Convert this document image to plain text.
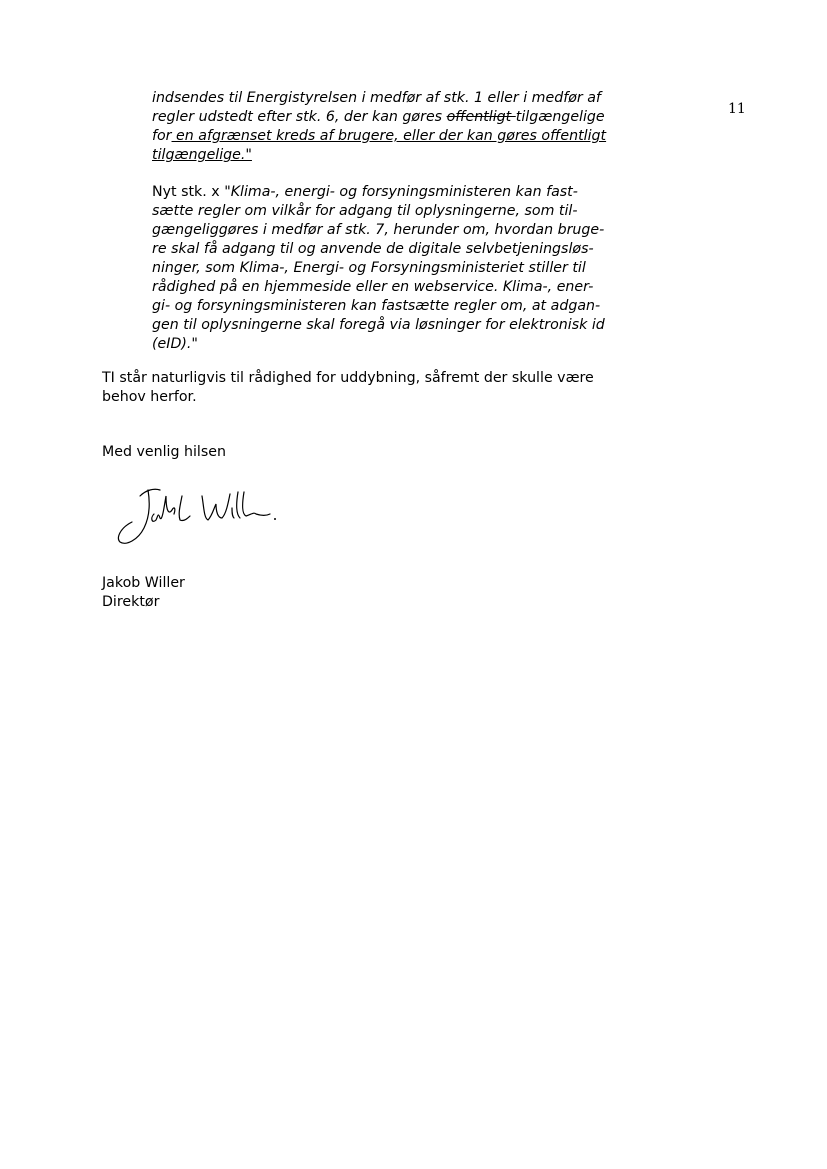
11
indsendes til Energistyrelsen i medfør af stk. 1 eller i medfør af
regler udstedt efter stk. 6, der kan gøres offentligt tilgængelige
for en afgrænset kreds af brugere, eller der kan gøres offentligt
tilgængelige."
Nyt stk. x "Klima-, energi- og forsyningsministeren kan fast-
sætte regler om vilkår for adgang til oplysningerne, som til-
gængeliggøres i medfør af stk. 7, herunder om, hvordan bruge-
re skal få adgang til og anvende de digitale selvbetjeningsløs-
ninger, som Klima-, Energi- og Forsyningsministeriet stiller til
rådighed på en hjemmeside eller en webservice. Klima-, ener-
gi- og forsyningsministeren kan fastsætte regler om, at adgan-
gen til oplysningerne skal foregå via løsninger for elektronisk id
(eID)."
TI står naturligvis til rådighed for uddybning, såfremt der skulle være
behov herfor.
Med venlig hilsen
Jakob Willer
Direktør
